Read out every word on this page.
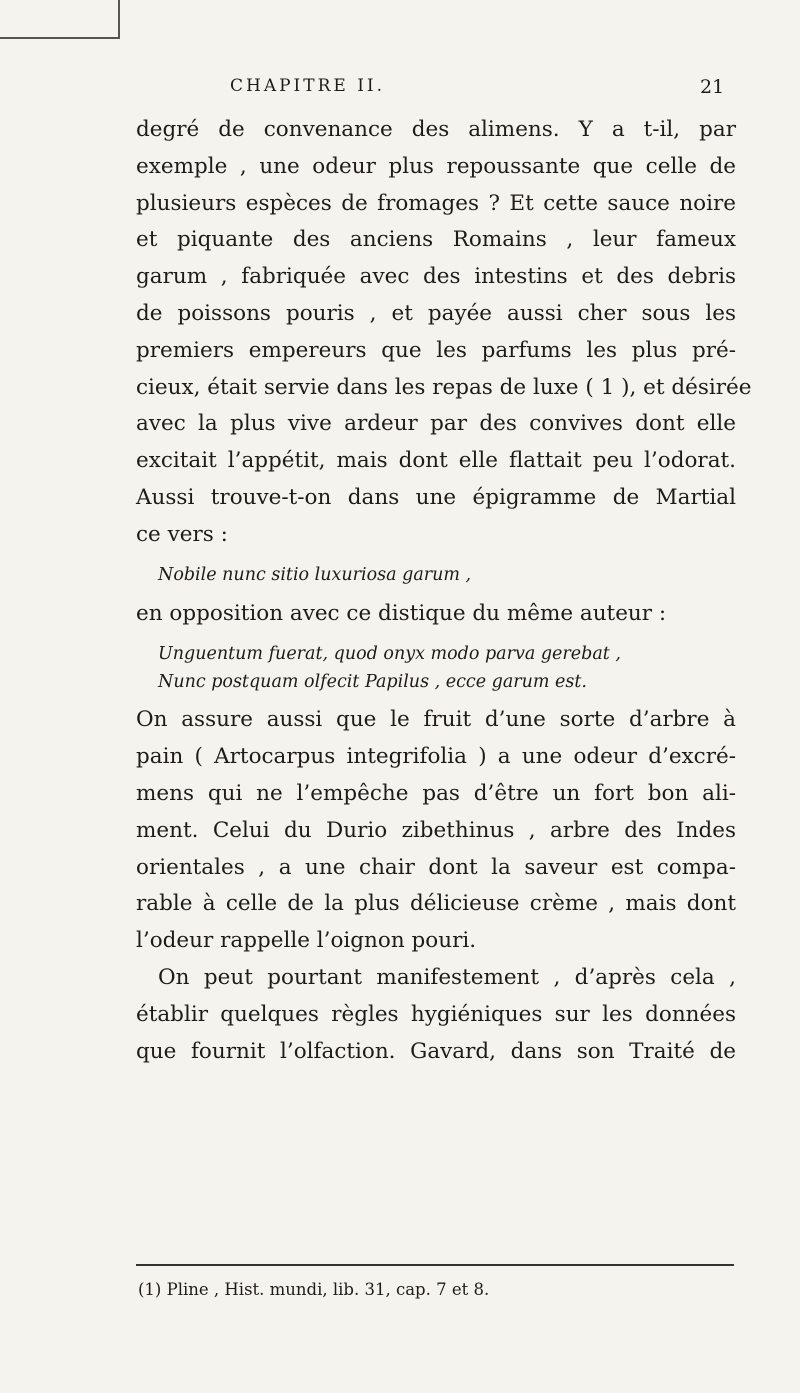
CHAPITRE II.	21
degré de convenance des alimens. Y a t-il, par
exemple , une odeur plus repoussante que celle de
plusieurs espèces de fromages ? Et cette sauce noire
et piquante des anciens Romains , leur fameux
garum , fabriquée avec des intestins et des debris
de poissons pouris , et payée aussi cher sous les
premiers empereurs que les parfums les plus pré-
cieux, était servie dans les repas de luxe ( 1 ), et désirée
avec la plus vive ardeur par des convives dont elle
excitait l’appétit, mais dont elle flattait peu l’odorat.
Aussi trouve-t-on dans une épigramme de Martial
ce vers :
Nobile nunc sitio luxuriosa garum ,
en opposition avec ce distique du même auteur :
Unguentum fuerat, quod onyx modo parva gerebat ,
Nunc postquam olfecit Papilus , ecce garum est.
On assure aussi que le fruit d’une sorte d’arbre à
pain ( Artocarpus integrifolia ) a une odeur d’excré-
mens qui ne l’empêche pas d’être un fort bon ali-
ment. Celui du Durio zibethinus , arbre des Indes
orientales , a une chair dont la saveur est compa-
rable à celle de la plus délicieuse crème , mais dont
l’odeur rappelle l’oignon pouri.
On peut pourtant manifestement , d’après cela ,
établir quelques règles hygiéniques sur les données
que fournit l’olfaction. Gavard, dans son Traité de
(1) Pline , Hist. mundi, lib. 31, cap. 7 et 8.
